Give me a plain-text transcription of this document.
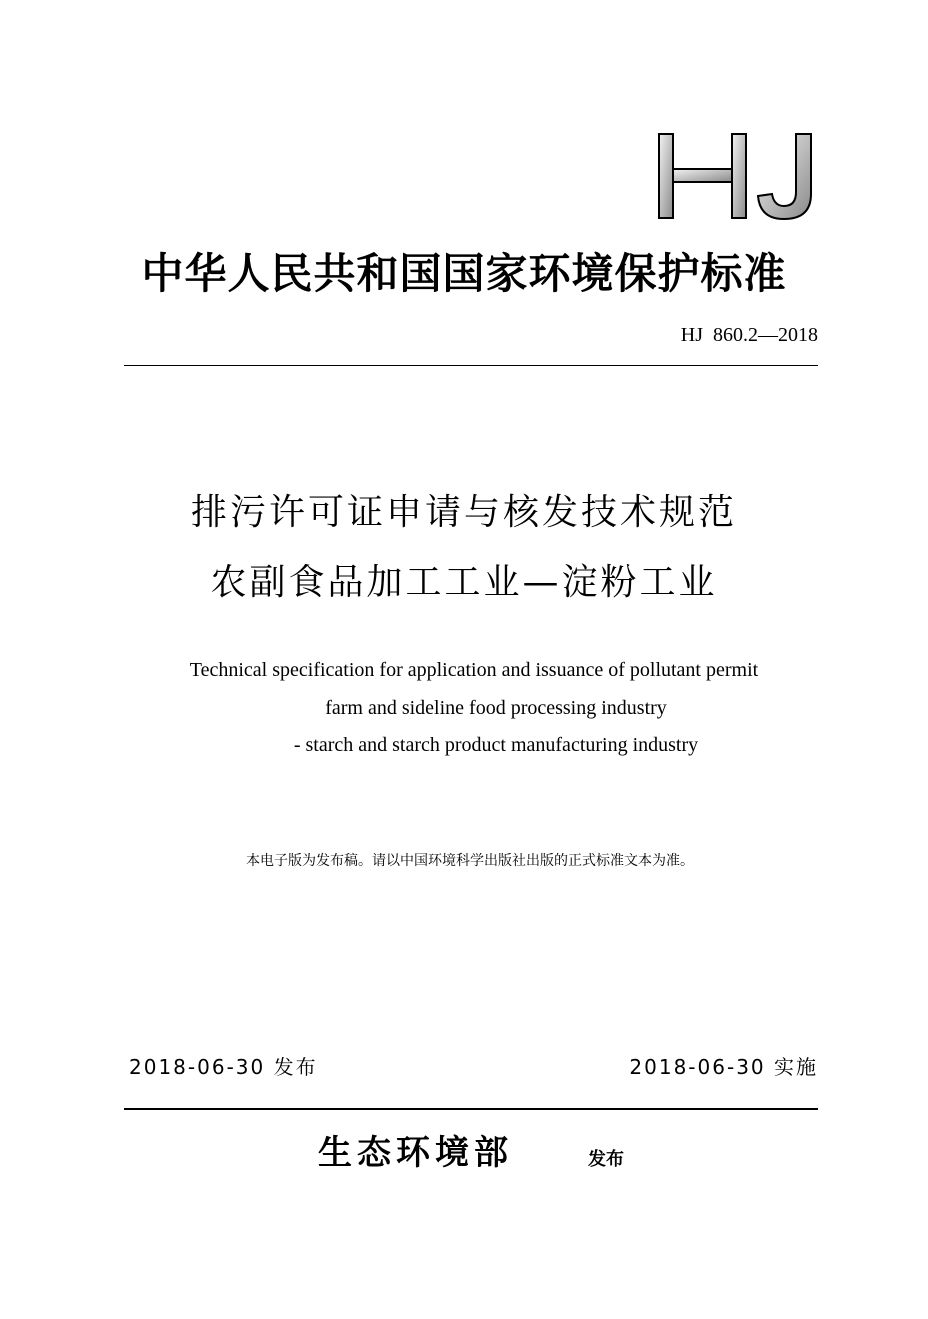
中华人民共和国国家环境保护标准
HJ  860.2—2018
排污许可证申请与核发技术规范
农副食品加工工业—淀粉工业
Technical specification for application and issuance of pollutant permit
farm and sideline food processing industry
- starch and starch product manufacturing industry
本电子版为发布稿。请以中国环境科学出版社出版的正式标准文本为准。
2018-06-30 发布	2018-06-30 实施
生态环境部	发布
